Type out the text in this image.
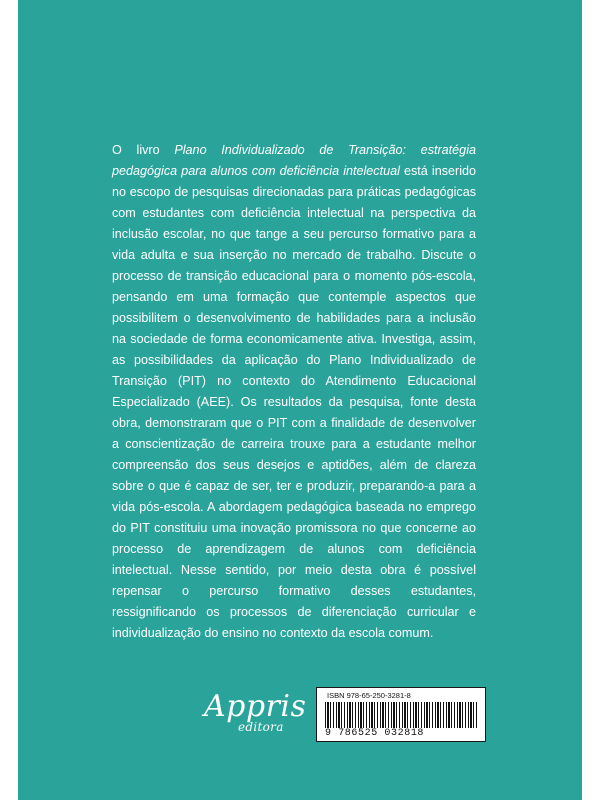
O livro Plano Individualizado de Transição: estratégia pedagógica para alunos com deficiência intelectual está inserido no escopo de pesquisas direcionadas para práticas pedagógicas com estudantes com deficiência intelectual na perspectiva da inclusão escolar, no que tange a seu percurso formativo para a vida adulta e sua inserção no mercado de trabalho. Discute o processo de transição educacional para o momento pós-escola, pensando em uma formação que contemple aspectos que possibilitem o desenvolvimento de habilidades para a inclusão na sociedade de forma economicamente ativa. Investiga, assim, as possibilidades da aplicação do Plano Individualizado de Transição (PIT) no contexto do Atendimento Educacional Especializado (AEE). Os resultados da pesquisa, fonte desta obra, demonstraram que o PIT com a finalidade de desenvolver a conscientização de carreira trouxe para a estudante melhor compreensão dos seus desejos e aptidões, além de clareza sobre o que é capaz de ser, ter e produzir, preparando-a para a vida pós-escola. A abordagem pedagógica baseada no emprego do PIT constituiu uma inovação promissora no que concerne ao processo de aprendizagem de alunos com deficiência intelectual. Nesse sentido, por meio desta obra é possível repensar o percurso formativo desses estudantes, ressignificando os processos de diferenciação curricular e individualização do ensino no contexto da escola comum.

Appris
editora
ISBN 978-65-250-3281-8
9 786525 032818
